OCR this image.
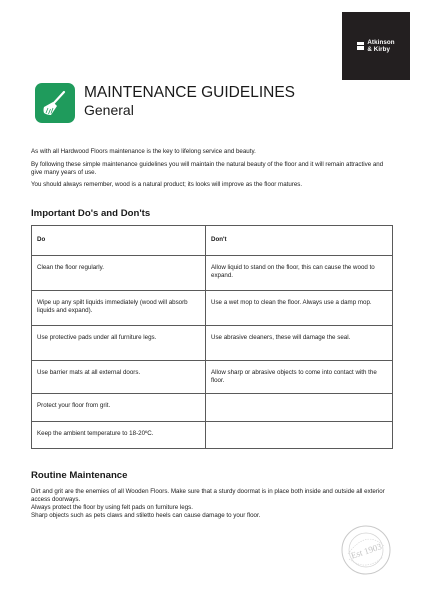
Atkinson
& Kirby
MAINTENANCE GUIDELINES
General

As with all Hardwood Floors maintenance is the key to lifelong service and beauty.

By following these simple maintenance guidelines you will maintain the natural beauty of the floor and it will remain attractive and give many years of use.

You should always remember, wood is a natural product; its looks will improve as the floor matures.

Important Do's and Don'ts
Do	Don't
Clean the floor regularly.	Allow liquid to stand on the floor, this can cause the wood to expand.
Wipe up any spilt liquids immediately (wood will absorb liquids and expand).	Use a wet mop to clean the floor. Always use a damp mop.
Use protective pads under all furniture legs.	Use abrasive cleaners, these will damage the seal.
Use barrier mats at all external doors.	Allow sharp or abrasive objects to come into contact with the floor.
Protect your floor from grit.	
Keep the ambient temperature to 18-20ºC.	
Routine Maintenance
Dirt and grit are the enemies of all Wooden Floors. Make sure that a sturdy doormat is in place both inside and outside all exterior access doorways.
Always protect the floor by using felt pads on furniture legs.
Sharp objects such as pets claws and stiletto heels can cause damage to your floor.
Est 1903
